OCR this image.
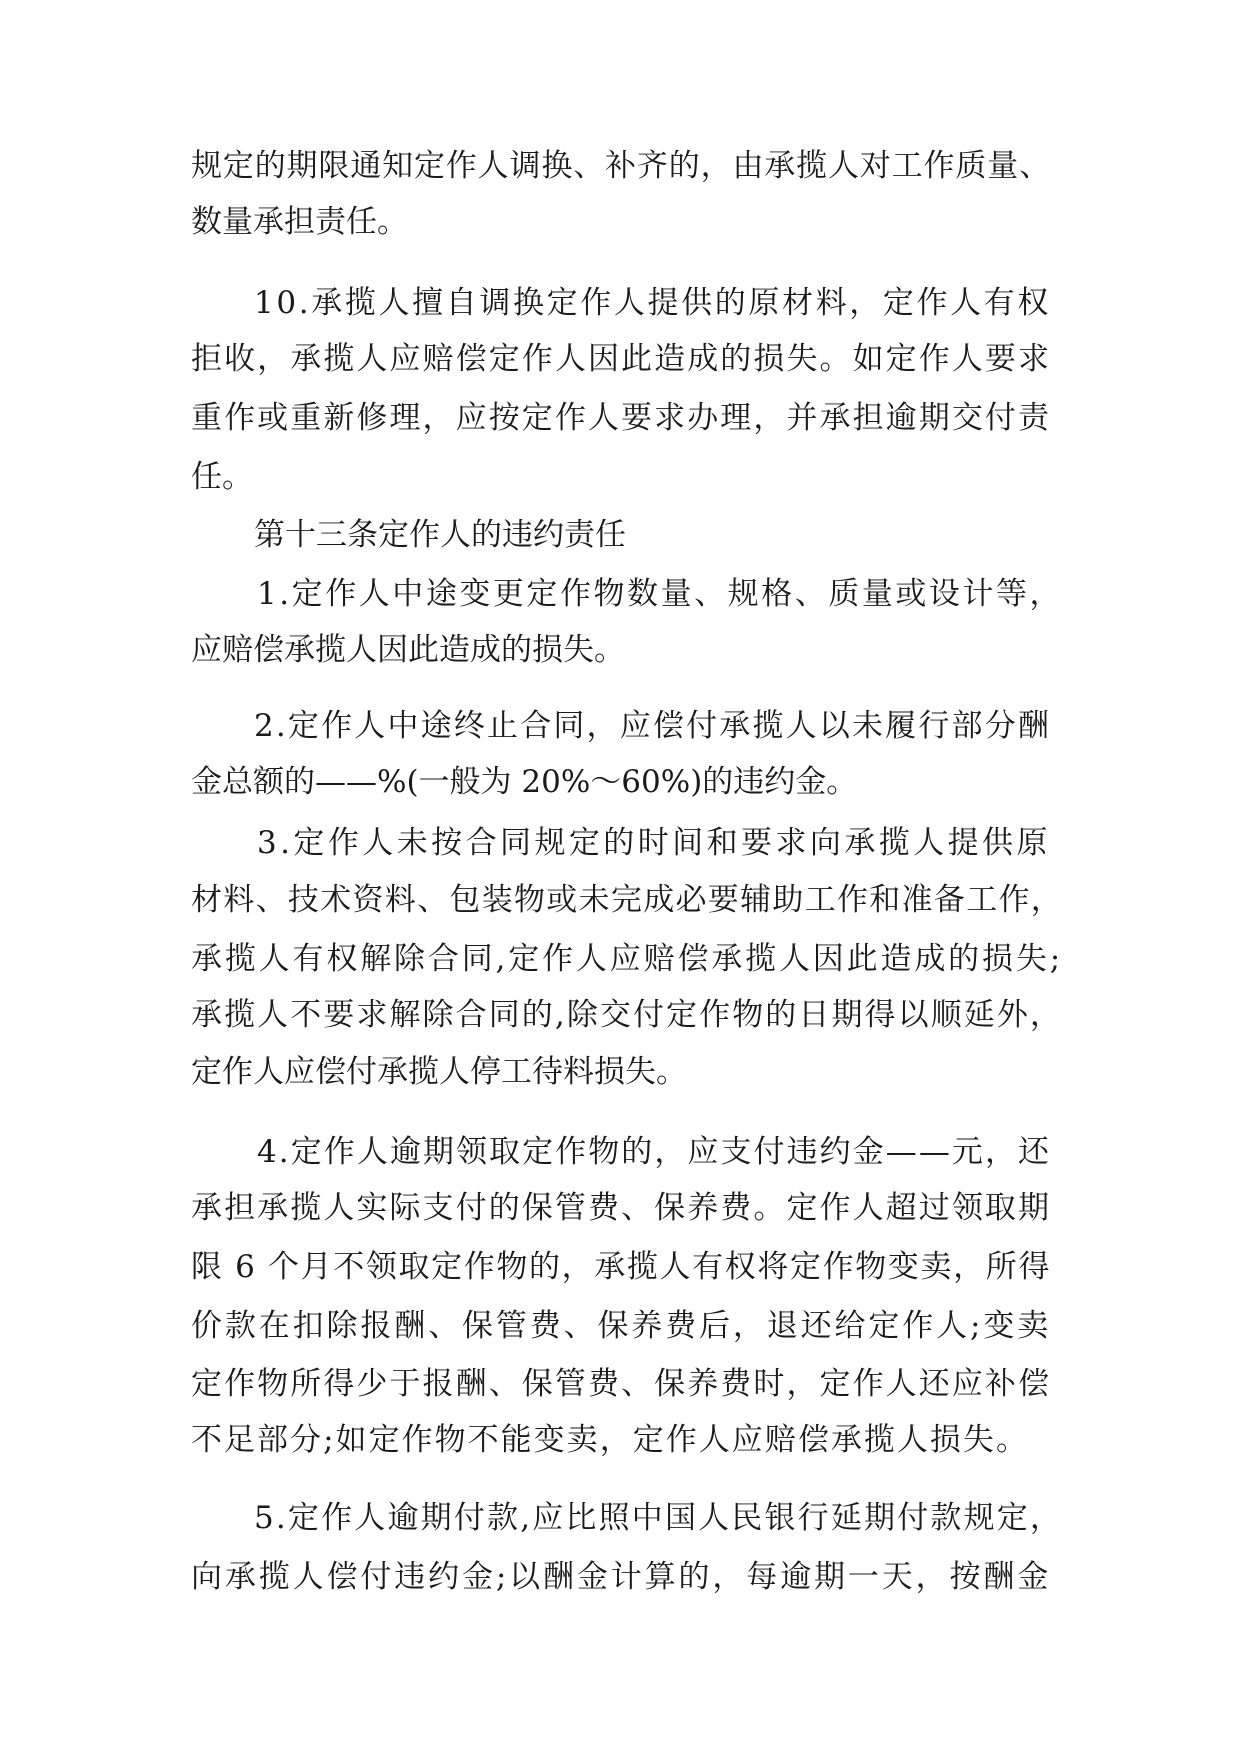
规定的期限通知定作人调换、补齐的，由承揽人对工作质量、
数量承担责任。
10.承揽人擅自调换定作人提供的原材料，定作人有权
拒收，承揽人应赔偿定作人因此造成的损失。如定作人要求
重作或重新修理，应按定作人要求办理，并承担逾期交付责
任。
第十三条定作人的违约责任
1.定作人中途变更定作物数量、规格、质量或设计等，
应赔偿承揽人因此造成的损失。
2.定作人中途终止合同，应偿付承揽人以未履行部分酬
金总额的——%(一般为 20%～60%)的违约金。
3.定作人未按合同规定的时间和要求向承揽人提供原
材料、技术资料、包装物或未完成必要辅助工作和准备工作，
承揽人有权解除合同,定作人应赔偿承揽人因此造成的损失;
承揽人不要求解除合同的,除交付定作物的日期得以顺延外，
定作人应偿付承揽人停工待料损失。
4.定作人逾期领取定作物的，应支付违约金——元，还
承担承揽人实际支付的保管费、保养费。定作人超过领取期
限 6 个月不领取定作物的，承揽人有权将定作物变卖，所得
价款在扣除报酬、保管费、保养费后，退还给定作人;变卖
定作物所得少于报酬、保管费、保养费时，定作人还应补偿
不足部分;如定作物不能变卖，定作人应赔偿承揽人损失。
5.定作人逾期付款,应比照中国人民银行延期付款规定，
向承揽人偿付违约金;以酬金计算的，每逾期一天，按酬金
